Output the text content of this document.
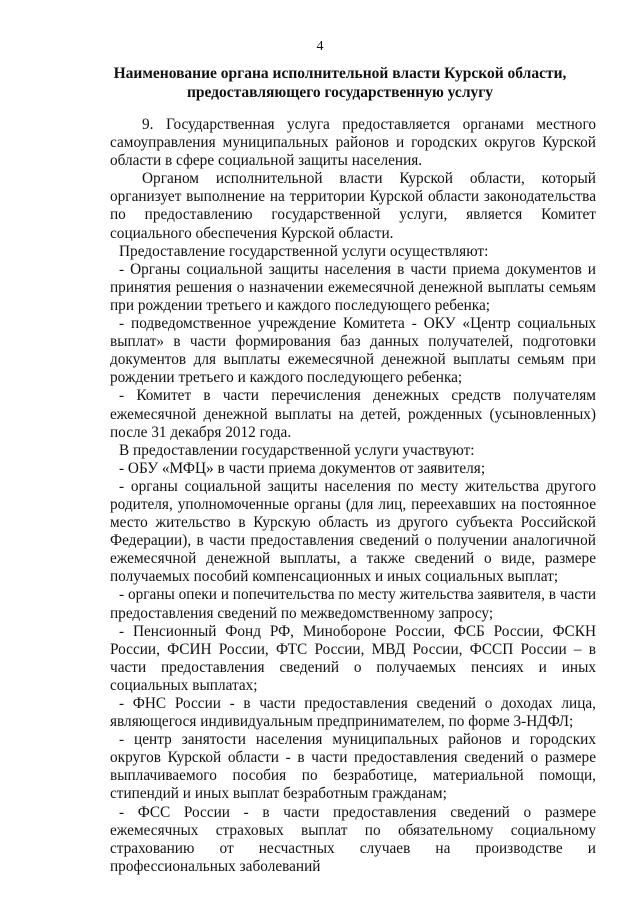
4
Наименование органа исполнительной власти Курской области,
предоставляющего государственную услугу

9. Государственная услуга предоставляется органами местного самоуправления муниципальных районов и городских округов Курской области в сфере социальной защиты населения.

Органом исполнительной власти Курской области, который организует выполнение на территории Курской области законодательства по предоставлению государственной услуги, является Комитет социального обеспечения Курской области.

Предоставление государственной услуги осуществляют:

- Органы социальной защиты населения в части приема документов и принятия решения о назначении ежемесячной денежной выплаты семьям при рождении третьего и каждого последующего ребенка;

- подведомственное учреждение Комитета - ОКУ «Центр социальных выплат» в части формирования баз данных получателей, подготовки документов для выплаты ежемесячной денежной выплаты семьям при рождении третьего и каждого последующего ребенка;

- Комитет в части перечисления денежных средств получателям ежемесячной денежной выплаты на детей, рожденных (усыновленных) после 31 декабря 2012 года.

В предоставлении государственной услуги участвуют:

- ОБУ «МФЦ» в части приема документов от заявителя;

- органы социальной защиты населения по месту жительства другого родителя, уполномоченные органы (для лиц, переехавших на постоянное место жительство в Курскую область из другого субъекта Российской Федерации), в части предоставления сведений о получении аналогичной ежемесячной денежной выплаты, а также сведений о виде, размере получаемых пособий компенсационных и иных социальных выплат;

- органы опеки и попечительства по месту жительства заявителя, в части предоставления сведений по межведомственному запросу;

- Пенсионный Фонд РФ, Минобороне России, ФСБ России, ФСКН России, ФСИН России, ФТС России, МВД России, ФССП России – в части предоставления сведений о получаемых пенсиях и иных социальных выплатах;

- ФНС России - в части предоставления сведений о доходах лица, являющегося индивидуальным предпринимателем, по форме 3-НДФЛ;

- центр занятости населения муниципальных районов и городских округов Курской области - в части предоставления сведений о размере выплачиваемого пособия по безработице, материальной помощи, стипендий и иных выплат безработным гражданам;

- ФСС России - в части предоставления сведений о размере ежемесячных страховых выплат по обязательному социальному страхованию от несчастных случаев на производстве и профессиональных заболеваний
